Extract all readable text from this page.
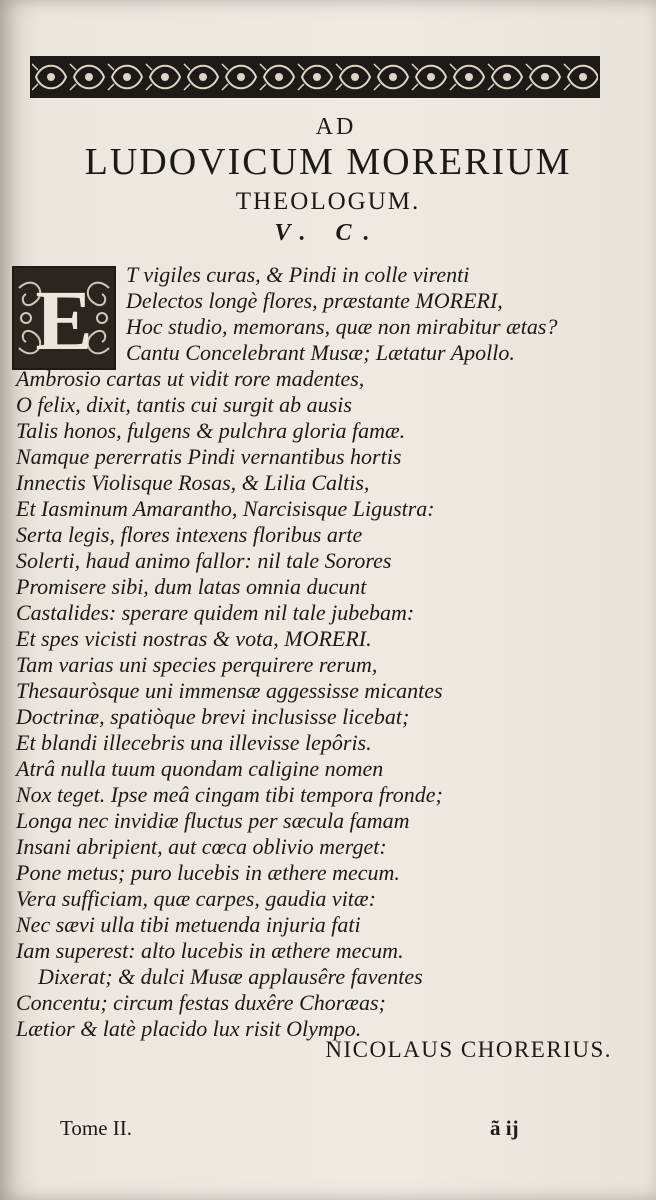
AD
LUDOVICUM MORERIUM
THEOLOGUM.
V. C.
E	T vigiles curas, & Pindi in colle virenti
Delectos longè flores, præstante MORERI,
Hoc studio, memorans, quæ non mirabitur ætas?
Cantu Concelebrant Musæ; Lætatur Apollo.
Ambrosio cartas ut vidit rore madentes,
O felix, dixit, tantis cui surgit ab ausis
Talis honos, fulgens & pulchra gloria famæ.
Namque pererratis Pindi vernantibus hortis
Innectis Violisque Rosas, & Lilia Caltis,
Et Iasminum Amarantho, Narcisisque Ligustra:
Serta legis, flores intexens floribus arte
Solerti, haud animo fallor: nil tale Sorores
Promisere sibi, dum latas omnia ducunt
Castalides: sperare quidem nil tale jubebam:
Et spes vicisti nostras & vota, MORERI.
Tam varias uni species perquirere rerum,
Thesauròsque uni immensæ aggessisse micantes
Doctrinæ, spatiòque brevi inclusisse licebat;
Et blandi illecebris una illevisse lepôris.
Atrâ nulla tuum quondam caligine nomen
Nox teget. Ipse meâ cingam tibi tempora fronde;
Longa nec invidiæ fluctus per sæcula famam
Insani abripient, aut cœca oblivio merget:
Pone metus; puro lucebis in æthere mecum.
Vera sufficiam, quæ carpes, gaudia vitæ:
Nec sævi ulla tibi metuenda injuria fati
Iam superest: alto lucebis in æthere mecum.
Dixerat; & dulci Musæ applausêre faventes
Concentu; circum festas duxêre Choræas;
Lætior & latè placido lux risit Olympo.
NICOLAUS CHORERIUS.
Tome II.	ã ij
